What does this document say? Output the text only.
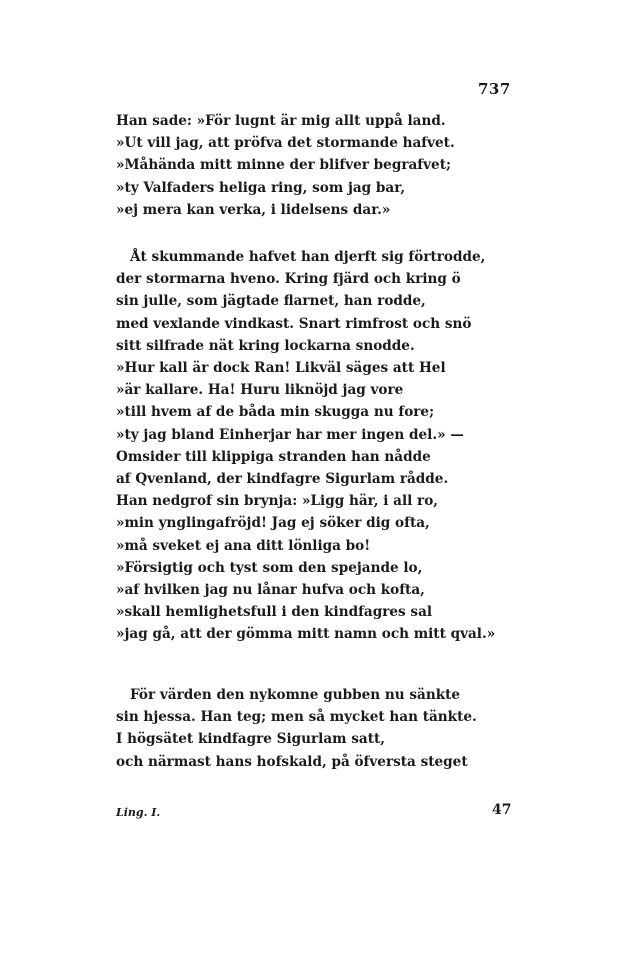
737
Han sade: »För lugnt är mig allt uppå land.
»Ut vill jag, att pröfva det stormande hafvet.
»Måhända mitt minne der blifver begrafvet;
»ty Valfaders heliga ring, som jag bar,
»ej mera kan verka, i lidelsens dar.»
Åt skummande hafvet han djerft sig förtrodde,
der stormarna hveno. Kring fjärd och kring ö
sin julle, som jägtade flarnet, han rodde,
med vexlande vindkast. Snart rimfrost och snö
sitt silfrade nät kring lockarna snodde.
»Hur kall är dock Ran! Likväl säges att Hel
»är kallare. Ha! Huru liknöjd jag vore
»till hvem af de båda min skugga nu fore;
»ty jag bland Einherjar har mer ingen del.» —
Omsider till klippiga stranden han nådde
af Qvenland, der kindfagre Sigurlam rådde.
Han nedgrof sin brynja: »Ligg här, i all ro,
»min ynglingafröjd! Jag ej söker dig ofta,
»må sveket ej ana ditt lönliga bo!
»Försigtig och tyst som den spejande lo,
»af hvilken jag nu lånar hufva och kofta,
»skall hemlighetsfull i den kindfagres sal
»jag gå, att der gömma mitt namn och mitt qval.»
För värden den nykomne gubben nu sänkte
sin hjessa. Han teg; men så mycket han tänkte.
I högsätet kindfagre Sigurlam satt,
och närmast hans hofskald, på öfversta steget
Ling. I.	47
